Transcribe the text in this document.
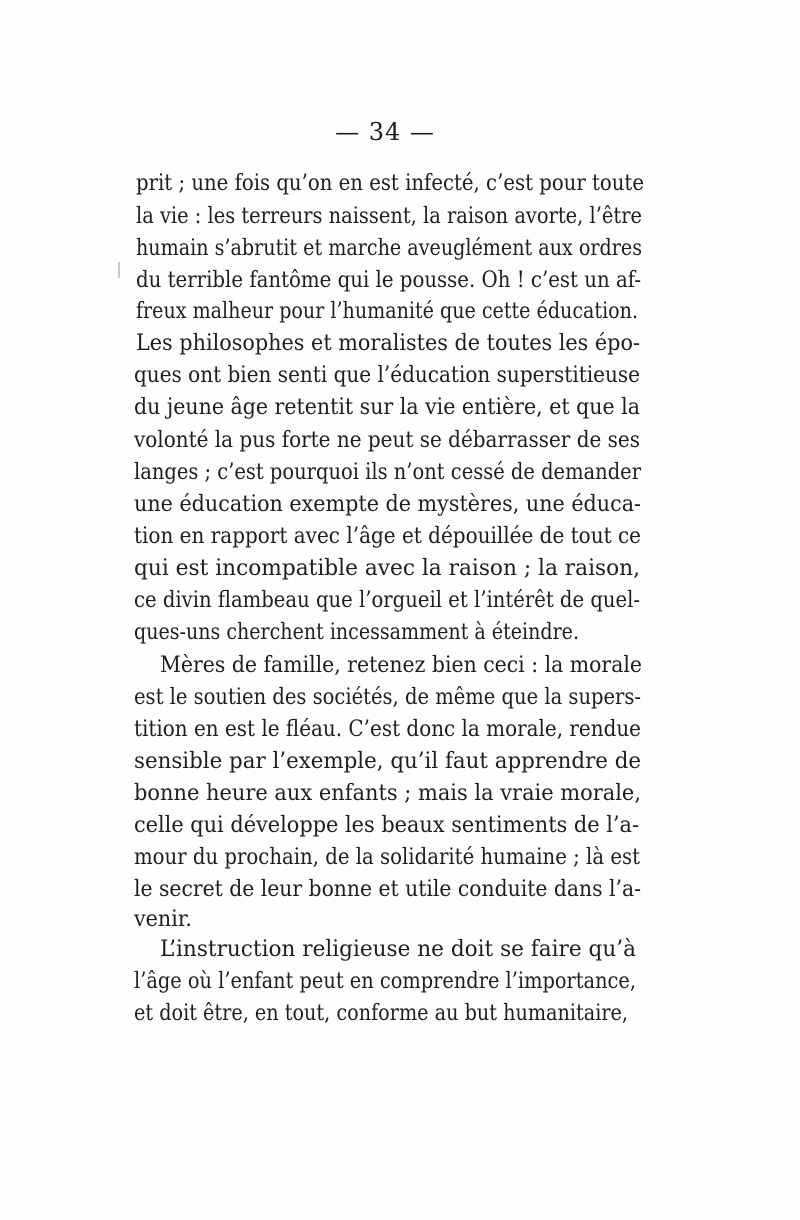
— 34 —
prit ; une fois qu’on en est infecté, c’est pour toute
la vie : les terreurs naissent, la raison avorte, l’être
humain s’abrutit et marche aveuglément aux ordres
du terrible fantôme qui le pousse. Oh ! c’est un af-
freux malheur pour l’humanité que cette éducation.
Les philosophes et moralistes de toutes les épo-
ques ont bien senti que l’éducation superstitieuse
du jeune âge retentit sur la vie entière, et que la
volonté la pus forte ne peut se débarrasser de ses
langes ; c’est pourquoi ils n’ont cessé de demander
une éducation exempte de mystères, une éduca-
tion en rapport avec l’âge et dépouillée de tout ce
qui est incompatible avec la raison ; la raison,
ce divin flambeau que l’orgueil et l’intérêt de quel-
ques-uns cherchent incessamment à éteindre.
Mères de famille, retenez bien ceci : la morale
est le soutien des sociétés, de même que la supers-
tition en est le fléau. C’est donc la morale, rendue
sensible par l’exemple, qu’il faut apprendre de
bonne heure aux enfants ; mais la vraie morale,
celle qui développe les beaux sentiments de l’a-
mour du prochain, de la solidarité humaine ; là est
le secret de leur bonne et utile conduite dans l’a-
venir.
L’instruction religieuse ne doit se faire qu’à
l’âge où l’enfant peut en comprendre l’importance,
et doit être, en tout, conforme au but humanitaire,
